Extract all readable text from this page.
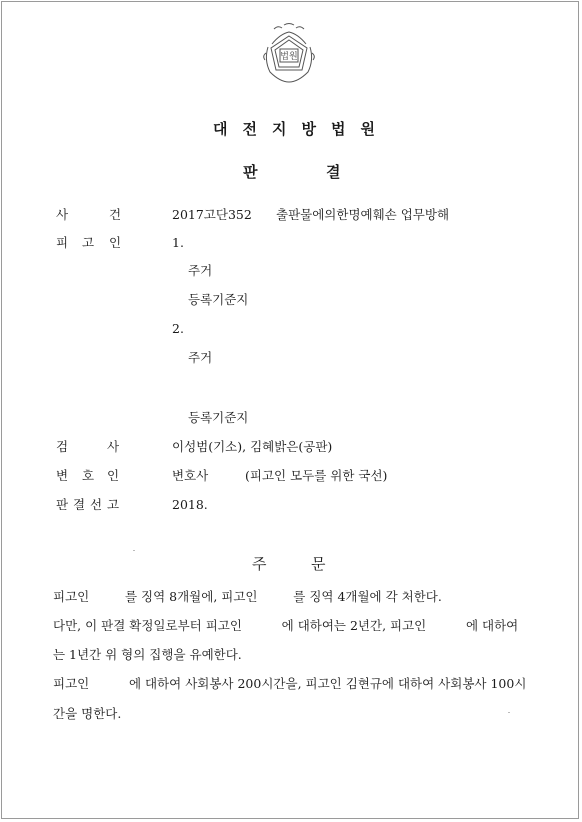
법원
대전지방법원
판	결
사	건	2017고단352 출판물에의한명예훼손 업무방해
피 고 인	1.
주거
등록기준지
2.
주거
등록기준지
검	사	이성범(기소), 김혜밝은(공판)
변 호 인	변호사	(피고인 모두를 위한 국선)
판 결 선 고	2018.
주	문
피고인         를 징역 8개월에, 피고인         를 징역 4개월에 각 처한다.
다만, 이 판결 확정일로부터 피고인          에 대하여는 2년간, 피고인          에 대하여
는 1년간 위 형의 집행을 유예한다.
피고인          에 대하여 사회봉사 200시간을, 피고인 김현규에 대하여 사회봉사 100시
간을 명한다.
